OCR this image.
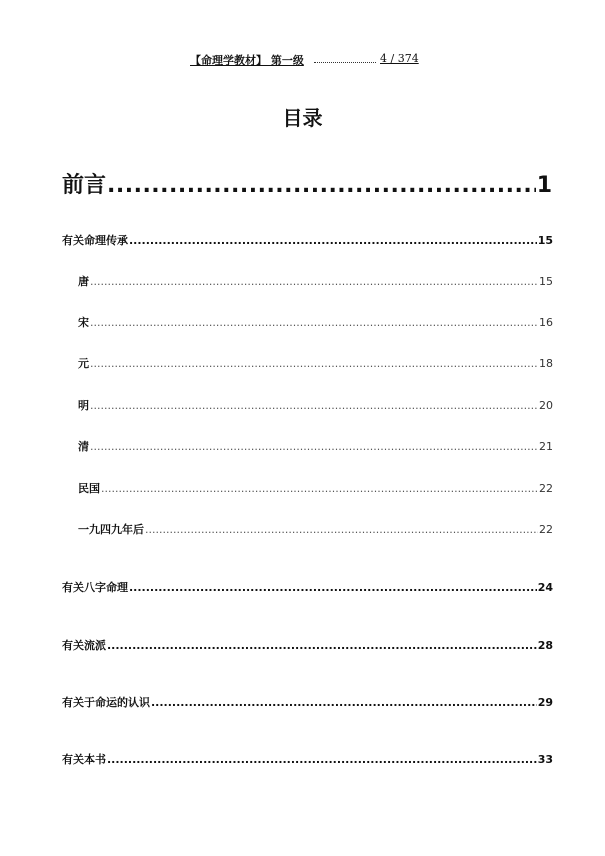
【命理学教材】 第一级	4 / 374
目录
前言 .....	1
有关命理传承 .....	15
唐 .....	15
宋 .....	16
元 .....	18
明 .....	20
清 .....	21
民国 .....	22
一九四九年后 .....	22
有关八字命理 .....	24
有关流派 .....	28
有关于命运的认识 .....	29
有关本书 .....	33
